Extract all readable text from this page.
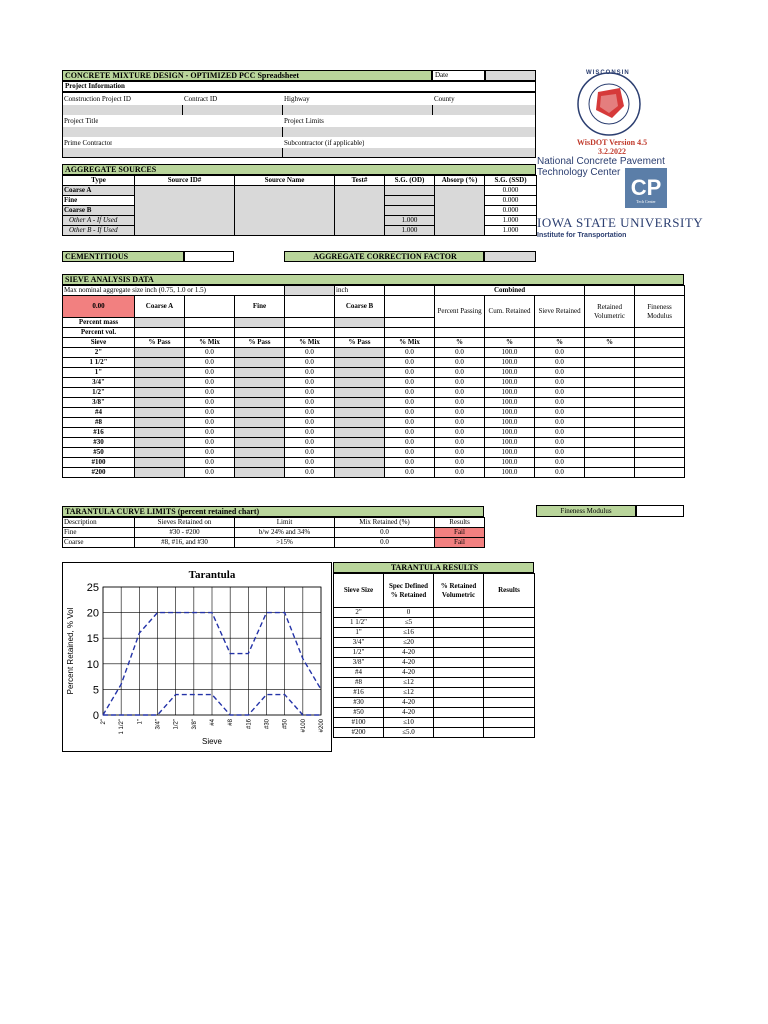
CONCRETE MIXTURE DESIGN - OPTIMIZED PCC Spreadsheet	Date
Project Information
Construction Project ID	Contract ID	Highway	County
Project Title	Project Limits
Prime Contractor	Subcontractor (if applicable)
WISCONSIN
WisDOT Version 4.5
3.2.2022
National Concrete Pavement Technology Center
CP
Tech Center
IOWA STATE UNIVERSITY
Institute for Transportation
AGGREGATE SOURCES
Type	Source ID#	Source Name	Test#	S.G. (OD)	Absorp (%)	S.G. (SSD)
Coarse A						0.000
Fine						0.000
Coarse B						0.000
Other A - If Used				1.000		1.000
Other B - If Used				1.000		1.000
CEMENTITIOUS	AGGREGATE CORRECTION FACTOR
SIEVE ANALYSIS DATA
Max nominal aggregate size inch (0.75, 1.0 or 1.5)					inch		Combined				
0.00	Coarse A		Fine		Coarse B		Percent Passing	Cum. Retained	Sieve Retained	Retained Volumetric	Fineness Modulus
Percent mass											
Percent vol.											
Sieve	% Pass	% Mix	% Pass	% Mix	% Pass	% Mix	%	%	%	%	
2"		0.0		0.0		0.0	0.0	100.0	0.0		
1 1/2"		0.0		0.0		0.0	0.0	100.0	0.0		
1"		0.0		0.0		0.0	0.0	100.0	0.0		
3/4"		0.0		0.0		0.0	0.0	100.0	0.0		
1/2"		0.0		0.0		0.0	0.0	100.0	0.0		
3/8"		0.0		0.0		0.0	0.0	100.0	0.0		
#4		0.0		0.0		0.0	0.0	100.0	0.0		
#8		0.0		0.0		0.0	0.0	100.0	0.0		
#16		0.0		0.0		0.0	0.0	100.0	0.0		
#30		0.0		0.0		0.0	0.0	100.0	0.0		
#50		0.0		0.0		0.0	0.0	100.0	0.0		
#100		0.0		0.0		0.0	0.0	100.0	0.0		
#200		0.0		0.0		0.0	0.0	100.0	0.0		
Fineness Modulus
TARANTULA CURVE LIMITS (percent retained chart)
Description	Sieves Retained on	Limit	Mix Retained (%)	Results
Fine	#30 - #200	b/w 24% and 34%	0.0	Fail
Coarse	#8, #16, and #30	>15%	0.0	Fail
0
5
10
15
20
25
2" 1 1/2" 1" 3/4" 1/2" 3/8" #4 #8 #16 #30 #50 #100 #200
Tarantula
Sieve
Percent Retained, % Vol
TARANTULA RESULTS
Sieve Size	Spec Defined % Retained	% Retained Volumetric	Results
2"	0		
1 1/2"	≤5		
1"	≤16		
3/4"	≤20		
1/2"	4-20		
3/8"	4-20		
#4	4-20		
#8	≤12		
#16	≤12		
#30	4-20		
#50	4-20		
#100	≤10		
#200	≤5.0		
